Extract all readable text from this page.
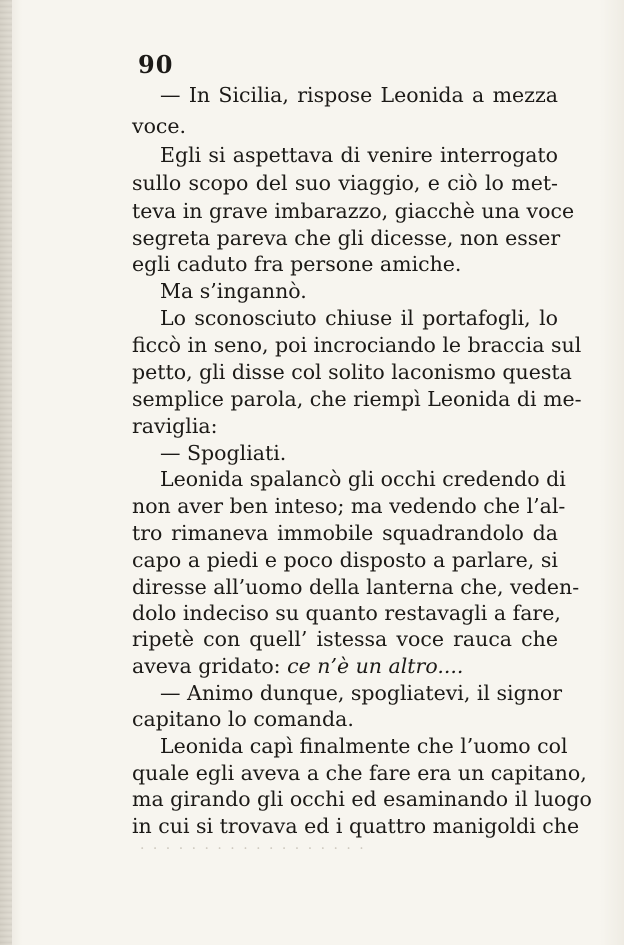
90
— In Sicilia, rispose Leonida a mezza
voce.
Egli si aspettava di venire interrogato
sullo scopo del suo viaggio, e ciò lo met-
teva in grave imbarazzo, giacchè una voce
segreta pareva che gli dicesse, non esser
egli caduto fra persone amiche.
Ma s’ingannò.
Lo sconosciuto chiuse il portafogli, lo
ficcò in seno, poi incrociando le braccia sul
petto, gli disse col solito laconismo questa
semplice parola, che riempì Leonida di me-
raviglia:
— Spogliati.
Leonida spalancò gli occhi credendo di
non aver ben inteso; ma vedendo che l’al-
tro rimaneva immobile squadrandolo da
capo a piedi e poco disposto a parlare, si
diresse all’uomo della lanterna che, veden-
dolo indeciso su quanto restavagli a fare,
ripetè con quell’ istessa voce rauca che
aveva gridato: ce n’è un altro....
— Animo dunque, spogliatevi, il signor
capitano lo comanda.
Leonida capì finalmente che l’uomo col
quale egli aveva a che fare era un capitano,
ma girando gli occhi ed esaminando il luogo
in cui si trovava ed i quattro manigoldi che
· · · · · · · · · · · · · · · · · ·
